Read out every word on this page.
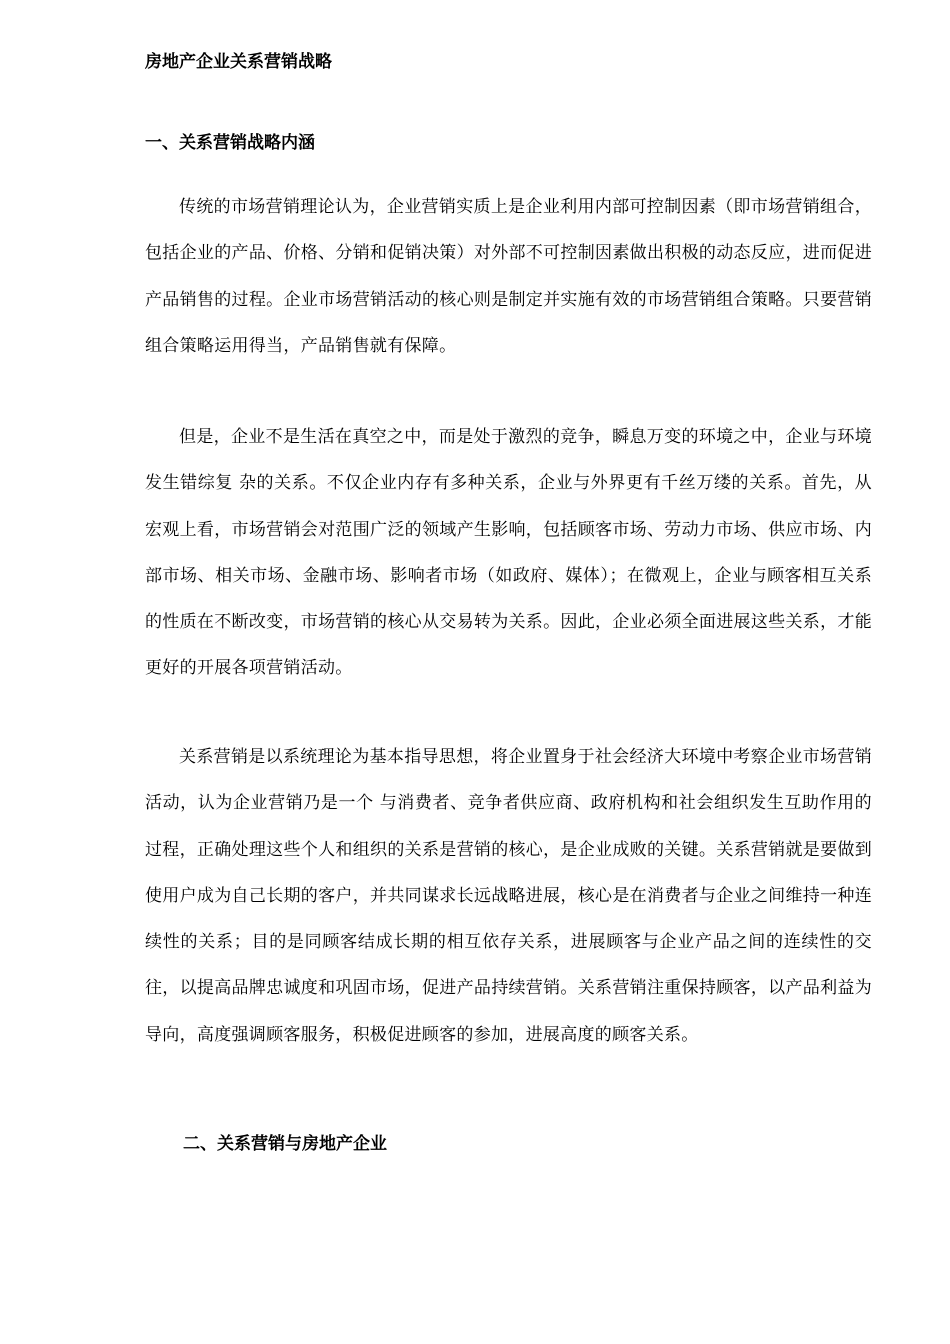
房地产企业关系营销战略
一、关系营销战略内涵

传统的市场营销理论认为，企业营销实质上是企业利用内部可控制因素（即市场营销组合，包括企业的产品、价格、分销和促销决策）对外部不可控制因素做出积极的动态反应，进而促进产品销售的过程。企业市场营销活动的核心则是制定并实施有效的市场营销组合策略。只要营销组合策略运用得当，产品销售就有保障。

但是，企业不是生活在真空之中，而是处于激烈的竞争，瞬息万变的环境之中，企业与环境发生错综复 杂的关系。不仅企业内存有多种关系，企业与外界更有千丝万缕的关系。首先，从宏观上看，市场营销会对范围广泛的领域产生影响，包括顾客市场、劳动力市场、供应市场、内部市场、相关市场、金融市场、影响者市场（如政府、媒体）；在微观上，企业与顾客相互关系的性质在不断改变，市场营销的核心从交易转为关系。因此，企业必须全面进展这些关系，才能更好的开展各项营销活动。

关系营销是以系统理论为基本指导思想，将企业置身于社会经济大环境中考察企业市场营销活动，认为企业营销乃是一个 与消费者、竞争者供应商、政府机构和社会组织发生互助作用的过程，正确处理这些个人和组织的关系是营销的核心，是企业成败的关键。关系营销就是要做到使用户成为自己长期的客户，并共同谋求长远战略进展，核心是在消费者与企业之间维持一种连续性的关系；目的是同顾客结成长期的相互依存关系，进展顾客与企业产品之间的连续性的交往，以提高品牌忠诚度和巩固市场，促进产品持续营销。关系营销注重保持顾客，以产品利益为导向，高度强调顾客服务，积极促进顾客的参加，进展高度的顾客关系。

二、关系营销与房地产企业
